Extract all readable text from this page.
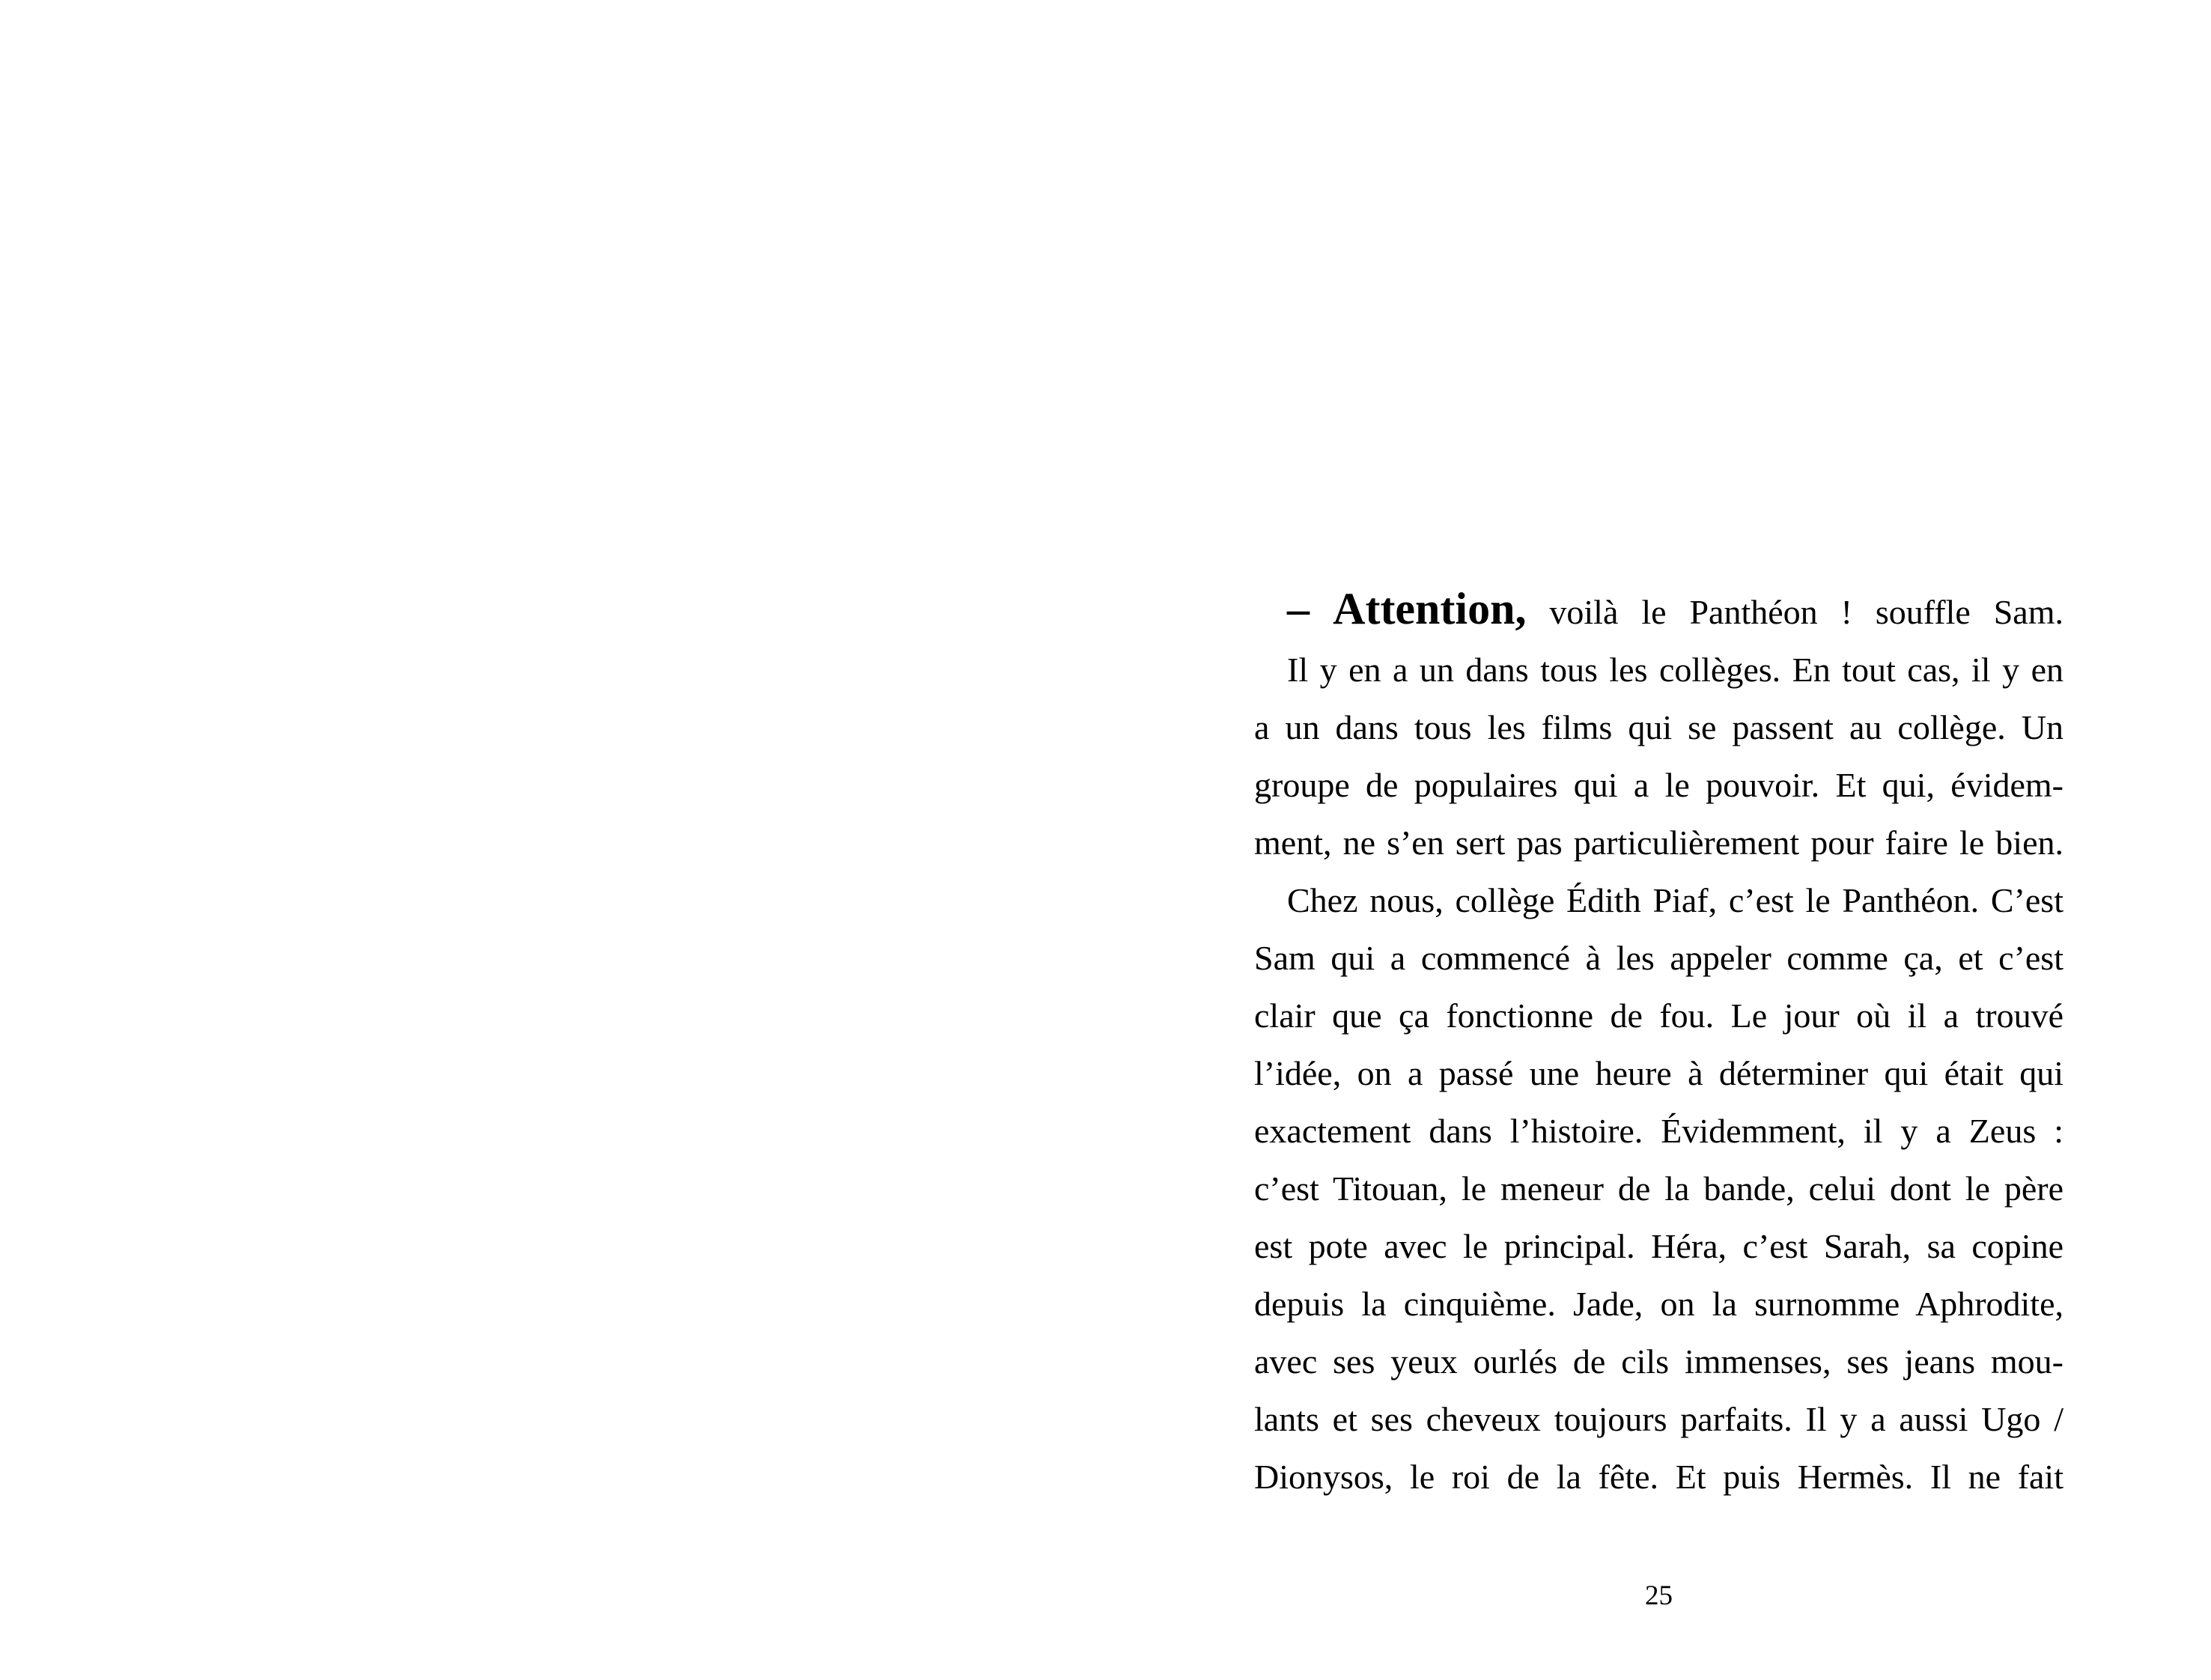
– Attention, voilà le Panthéon ! souffle Sam.
Il y en a un dans tous les collèges. En tout cas, il y en
a un dans tous les films qui se passent au collège. Un
groupe de populaires qui a le pouvoir. Et qui, évidem-
ment, ne s’en sert pas particulièrement pour faire le bien.
Chez nous, collège Édith Piaf, c’est le Panthéon. C’est
Sam qui a commencé à les appeler comme ça, et c’est
clair que ça fonctionne de fou. Le jour où il a trouvé
l’idée, on a passé une heure à déterminer qui était qui
exactement dans l’histoire. Évidemment, il y a Zeus :
c’est Titouan, le meneur de la bande, celui dont le père
est pote avec le principal. Héra, c’est Sarah, sa copine
depuis la cinquième. Jade, on la surnomme Aphrodite,
avec ses yeux ourlés de cils immenses, ses jeans mou-
lants et ses cheveux toujours parfaits. Il y a aussi Ugo /
Dionysos, le roi de la fête. Et puis Hermès. Il ne fait
25
